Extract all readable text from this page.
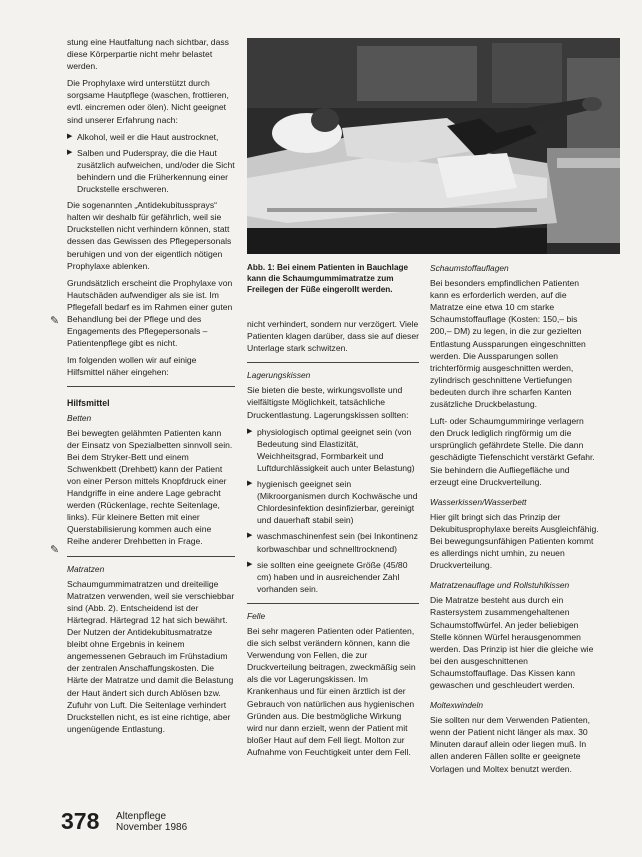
stung eine Hautfaltung nach sichtbar, dass diese Körperpartie nicht mehr belastet werden.

Die Prophylaxe wird unterstützt durch sorgsame Hautpflege (waschen, frottieren, evtl. eincremen oder ölen). Nicht geeignet sind unserer Erfahrung nach:

▶ Alkohol, weil er die Haut austrocknet,
▶ Salben und Puderspray, die die Haut zusätzlich aufweichen, und/oder die Sicht behindern und die Früherkennung einer Druckstelle erschweren.

Die sogenannten „Antidekubitussprays“ halten wir deshalb für gefährlich, weil sie Druckstellen nicht verhindern können, statt dessen das Gewissen des Pflegepersonals beruhigen und von der eigentlich nötigen Prophylaxe ablenken.

Grundsätzlich erscheint die Prophylaxe von Hautschäden aufwendiger als sie ist. Im Pflegefall bedarf es im Rahmen einer guten Behandlung bei der Pflege und des Engagements des Pflegepersonals – Patientenpflege gibt es nicht.

Im folgenden wollen wir auf einige Hilfsmittel näher eingehen:

Hilfsmittel
Betten

Bei bewegten gelähmten Patienten kann der Einsatz von Spezialbetten sinnvoll sein. Bei dem Stryker-Bett und einem Schwenkbett (Drehbett) kann der Patient von einer Person mittels Knopfdruck einer Handgriffe in eine andere Lage gebracht werden (Rückenlage, rechte Seitenlage, links). Für kleinere Betten mit einer Querstabilisierung kommen auch eine Reihe anderer Drehbetten in Frage.

Matratzen

Schaumgummimatratzen und dreiteilige Matratzen verwenden, weil sie verschiebbar sind (Abb. 2). Entscheidend ist der Härtegrad. Härtegrad 12 hat sich bewährt. Der Nutzen der Antidekubitusmatratze bleibt ohne Ergebnis in keinem angemessenen Gebrauch im Frühstadium der zentralen Anschaffungskosten. Die Härte der Matratze und damit die Belastung der Haut ändert sich durch Ablösen bzw. Zufuhr von Luft. Die Seitenlage verhindert Druckstellen nicht, es ist eine richtige, aber ungenügende Entlastung.

✎
✎
Abb. 1: Bei einem Patienten in Bauchlage kann die Schaumgummimatratze zum Freilegen der Füße eingerollt werden.

nicht verhindert, sondern nur verzögert. Viele Patienten klagen darüber, dass sie auf dieser Unterlage stark schwitzen.

Lagerungskissen

Sie bieten die beste, wirkungsvollste und vielfältigste Möglichkeit, tatsächliche Druckentlastung. Lagerungskissen sollten:

▶ physiologisch optimal geeignet sein (von Bedeutung sind Elastizität, Weichheitsgrad, Formbarkeit und Luftdurchlässigkeit auch unter Belastung)
▶ hygienisch geeignet sein (Mikroorganismen durch Kochwäsche und Chlordesinfektion desinfizierbar, gereinigt und dauerhaft stabil sein)
▶ waschmaschinenfest sein (bei Inkontinenz korbwaschbar und schnelltrocknend)
▶ sie sollten eine geeignete Größe (45/80 cm) haben und in ausreichender Zahl vorhanden sein.
Felle

Bei sehr mageren Patienten oder Patienten, die sich selbst verändern können, kann die Verwendung von Fellen, die zur Druckverteilung beitragen, zweckmäßig sein als die vor Lagerungskissen. Im Krankenhaus und für einen ärztlich ist der Gebrauch von natürlichen aus hygienischen Gründen aus. Die bestmögliche Wirkung wird nur dann erzielt, wenn der Patient mit bloßer Haut auf dem Fell liegt. Molton zur Aufnahme von Feuchtigkeit unter dem Fell.

Schaumstoffauflagen

Bei besonders empfindlichen Patienten kann es erforderlich werden, auf die Matratze eine etwa 10 cm starke Schaumstoffauflage (Kosten: 150,– bis 200,– DM) zu legen, in die zur gezielten Entlastung Aussparungen eingeschnitten werden. Die Aussparungen sollen trichterförmig ausgeschnitten werden, zylindrisch geschnittene Vertiefungen bedeuten durch ihre scharfen Kanten zusätzliche Druckbelastung.

Luft- oder Schaumgummiringe verlagern den Druck lediglich ringförmig um die ursprünglich gefährdete Stelle. Die dann geschädigte Tiefenschicht verstärkt Gefahr. Sie behindern die Aufliegefläche und erzeugt eine Druckverteilung.

Wasserkissen/Wasserbett

Hier gilt bringt sich das Prinzip der Dekubitusprophylaxe bereits Ausgleichfähig. Bei bewegungsunfähigen Patienten kommt es allerdings nicht umhin, zu neuen Druckverteilung.

Matratzenauflage und Rollstuhlkissen

Die Matratze besteht aus durch ein Rastersystem zusammengehaltenen Schaumstoffwürfel. An jeder beliebigen Stelle können Würfel herausgenommen werden. Das Prinzip ist hier die gleiche wie bei den ausgeschnittenen Schaumstoffauflage. Das Kissen kann gewaschen und geschleudert werden.

Moltexwindeln

Sie sollten nur dem Verwenden Patienten, wenn der Patient nicht länger als max. 30 Minuten darauf allein oder liegen muß. In allen anderen Fällen sollte er geeignete Vorlagen und Moltex benutzt werden.

378 Altenpflege
November 1986
